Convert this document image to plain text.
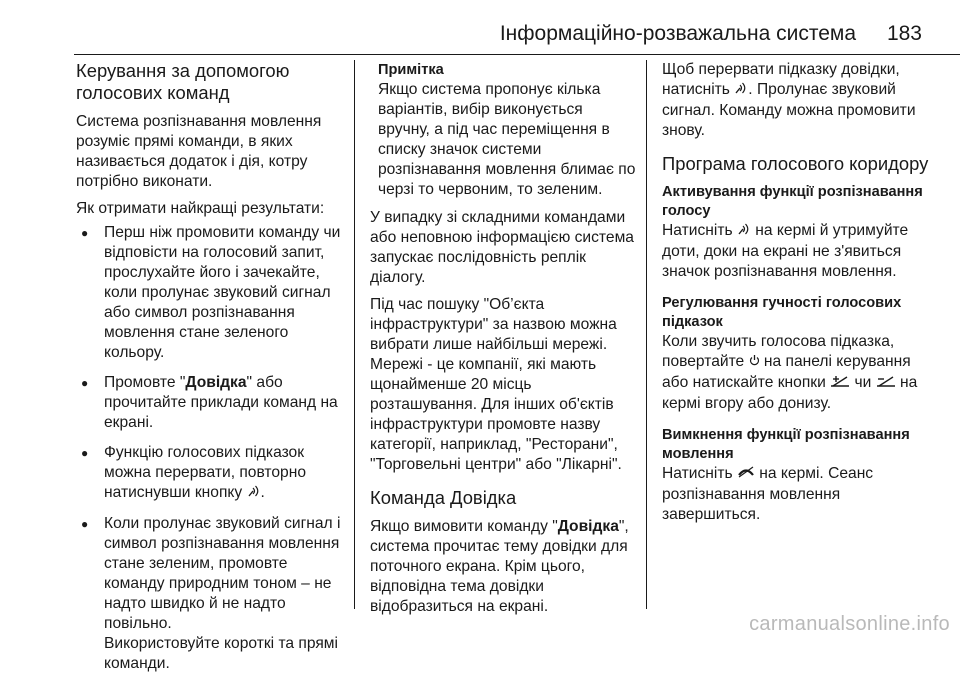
Інформаційно-розважальна система 183
Керування за допомогою голосових команд

Система розпізнавання мовлення розуміє прямі команди, в яких називається додаток і дія, котру потрібно виконати.

Як отримати найкращі результати:

● Перш ніж промовити команду чи відповісти на голосовий запит, прослухайте його і зачекайте, коли пролунає звуковий сигнал або символ розпізнавання мовлення стане зеленого кольору.
● Промовте "Довідка" або прочитайте приклади команд на екрані.
● Функцію голосових підказок можна перервати, повторно натиснувши кнопку .
● Коли пролунає звуковий сигнал і символ розпізнавання мовлення стане зеленим, промовте команду природним тоном – не надто швидко й не надто повільно.
Використовуйте короткі та прямі команди.
Примітка
Якщо система пропонує кілька варіантів, вибір виконується вручну, а під час переміщення в списку значок системи розпізнавання мовлення блимає по черзі то червоним, то зеленим.

У випадку зі складними командами або неповною інформацією система запускає послідовність реплік діалогу.

Під час пошуку "Об’єкта інфраструктури" за назвою можна вибрати лише найбільші мережі. Мережі - це компанії, які мають щонайменше 20 місць розташування. Для інших об'єктів інфраструктури промовте назву категорії, наприклад, "Ресторани", "Торговельні центри" або "Лікарні".

Команда Довідка

Якщо вимовити команду "Довідка", система прочитає тему довідки для поточного екрана. Крім цього, відповідна тема довідки відобразиться на екрані.

Щоб перервати підказку довідки, натисніть . Пролунає звуковий сигнал. Команду можна промовити знову.

Програма голосового коридору
Активування функції розпізнавання голосу

Натисніть на кермі й утримуйте доти, доки на екрані не з'явиться значок розпізнавання мовлення.

Регулювання гучності голосових підказок

Коли звучить голосова підказка, повертайте на панелі керування або натискайте кнопки чи на кермі вгору або донизу.

Вимкнення функції розпізнавання мовлення

Натисніть на кермі. Сеанс розпізнавання мовлення завершиться.

carmanualsonline.info
